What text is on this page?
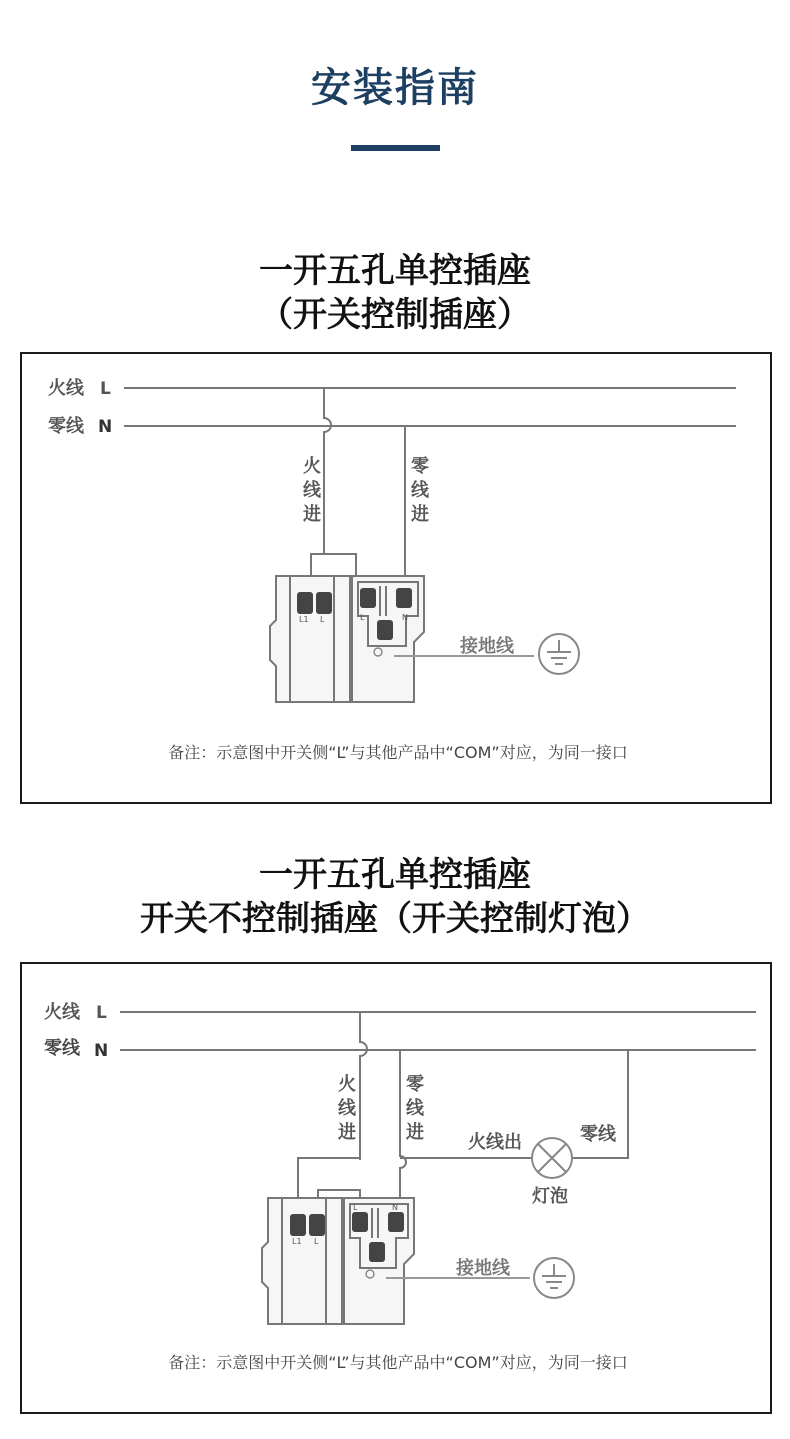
安装指南
一开五孔单控插座
（开关控制插座）
火线 L
零线 N
火
线
进
零
线
进
L1 L	L	N
接地线
备注：示意图中开关侧“L”与其他产品中“COM”对应，为同一接口
一开五孔单控插座
开关不控制插座（开关控制灯泡）
火线 L
零线 N
火
线
进
零
线
进 火线出	零线
灯泡
L1 L
L	N
接地线
备注：示意图中开关侧“L”与其他产品中“COM”对应，为同一接口
